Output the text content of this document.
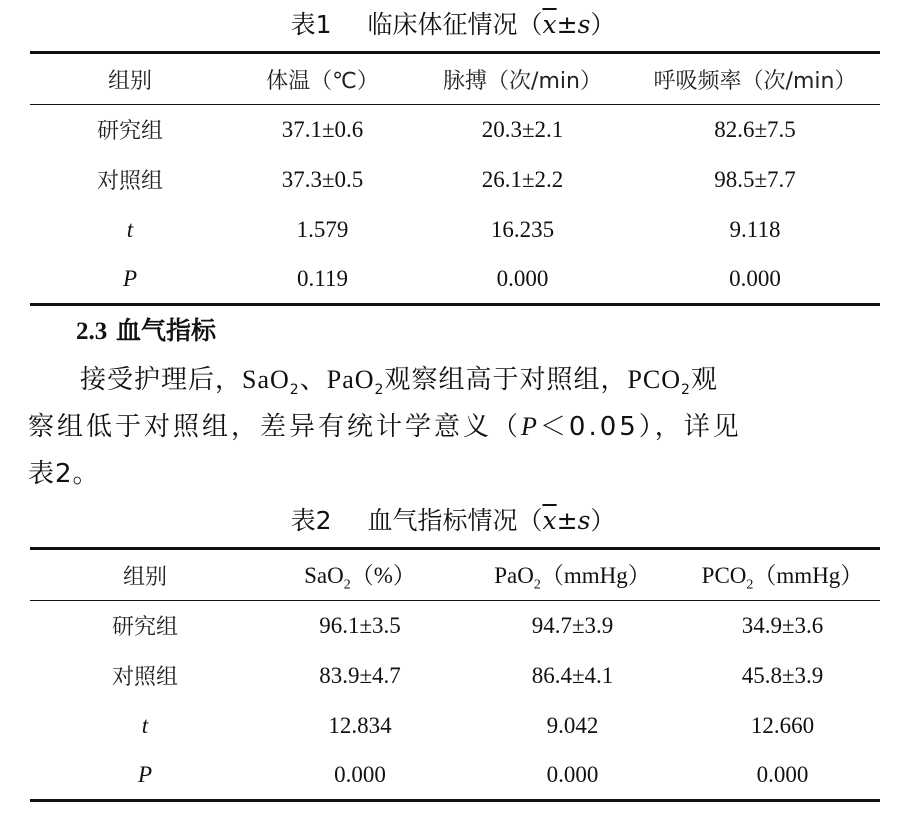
表1 临床体征情况$(\overline{x}\pm s)$
组别	体温（℃）	脉搏（次/min）	呼吸频率（次/min）
研究组	37.1±0.6	20.3±2.1	82.6±7.5
对照组	37.3±0.5	26.1±2.2	98.5±7.7
t	1.579	16.235	9.118
P	0.119	0.000	0.000
2.3 血气指标
接受护理后，SaO$_2$、PaO$_2$观察组高于对照组，$PCO_2$观
察组低于对照组，差异有统计学意义（P＜0.05），详见
表2。
表2 血气指标情况$(\overline{x}\pm s)$
组别	SaO$_2$（%）	PaO$_2$（mmHg）	$PCO_2(mmHg)$
研究组	96.1±3.5	94.7±3.9	34.9±3.6
对照组	83.9±4.7	86.4±4.1	45.8±3.9
t	12.834	9.042	12.660
P	0.000	0.000	0.000
